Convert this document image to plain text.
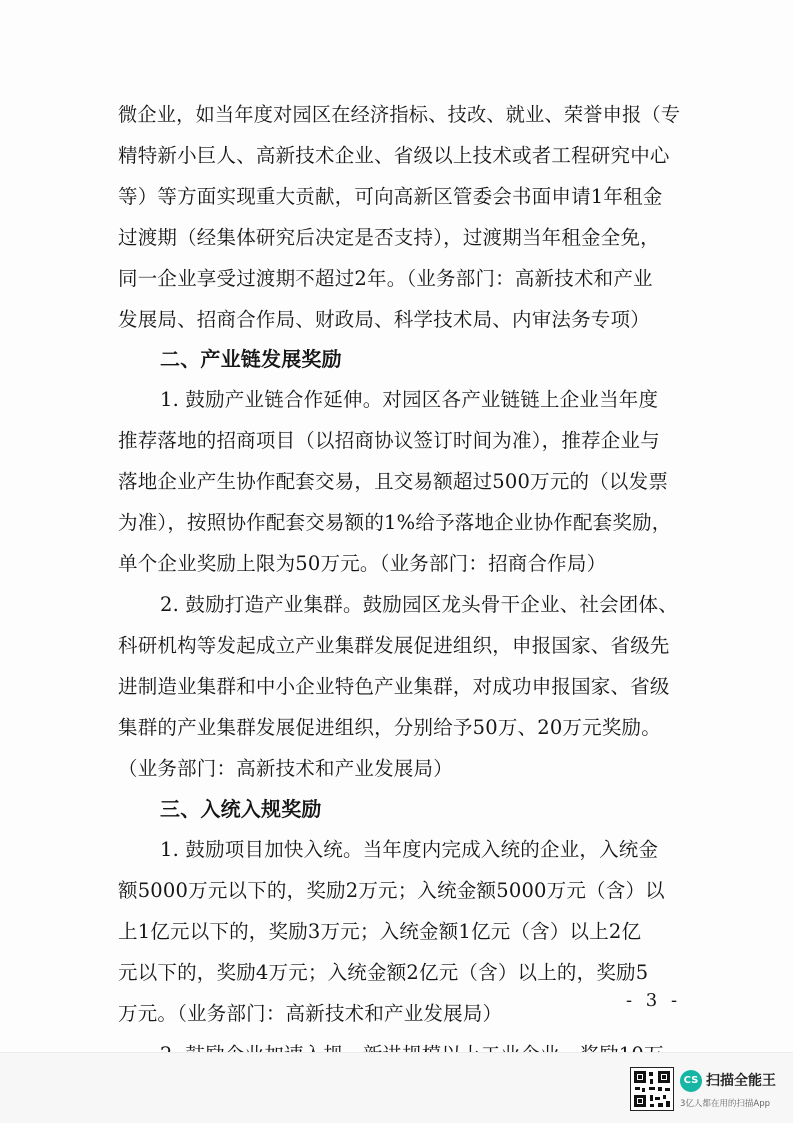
微企业，如当年度对园区在经济指标、技改、就业、荣誉申报（专
精特新小巨人、高新技术企业、省级以上技术或者工程研究中心
等）等方面实现重大贡献，可向高新区管委会书面申请1年租金
过渡期（经集体研究后决定是否支持），过渡期当年租金全免，
同一企业享受过渡期不超过2年。（业务部门：高新技术和产业
发展局、招商合作局、财政局、科学技术局、内审法务专项）
二、产业链发展奖励
1. 鼓励产业链合作延伸。对园区各产业链链上企业当年度
推荐落地的招商项目（以招商协议签订时间为准），推荐企业与
落地企业产生协作配套交易，且交易额超过500万元的（以发票
为准），按照协作配套交易额的1%给予落地企业协作配套奖励，
单个企业奖励上限为50万元。（业务部门：招商合作局）
2. 鼓励打造产业集群。鼓励园区龙头骨干企业、社会团体、
科研机构等发起成立产业集群发展促进组织，申报国家、省级先
进制造业集群和中小企业特色产业集群，对成功申报国家、省级
集群的产业集群发展促进组织，分别给予50万、20万元奖励。
（业务部门：高新技术和产业发展局）
三、入统入规奖励
1. 鼓励项目加快入统。当年度内完成入统的企业，入统金
额5000万元以下的，奖励2万元；入统金额5000万元（含）以
上1亿元以下的，奖励3万元；入统金额1亿元（含）以上2亿
元以下的，奖励4万元；入统金额2亿元（含）以上的，奖励5
万元。（业务部门：高新技术和产业发展局）
- 3 -
CS 扫描全能王
3亿人都在用的扫描App
